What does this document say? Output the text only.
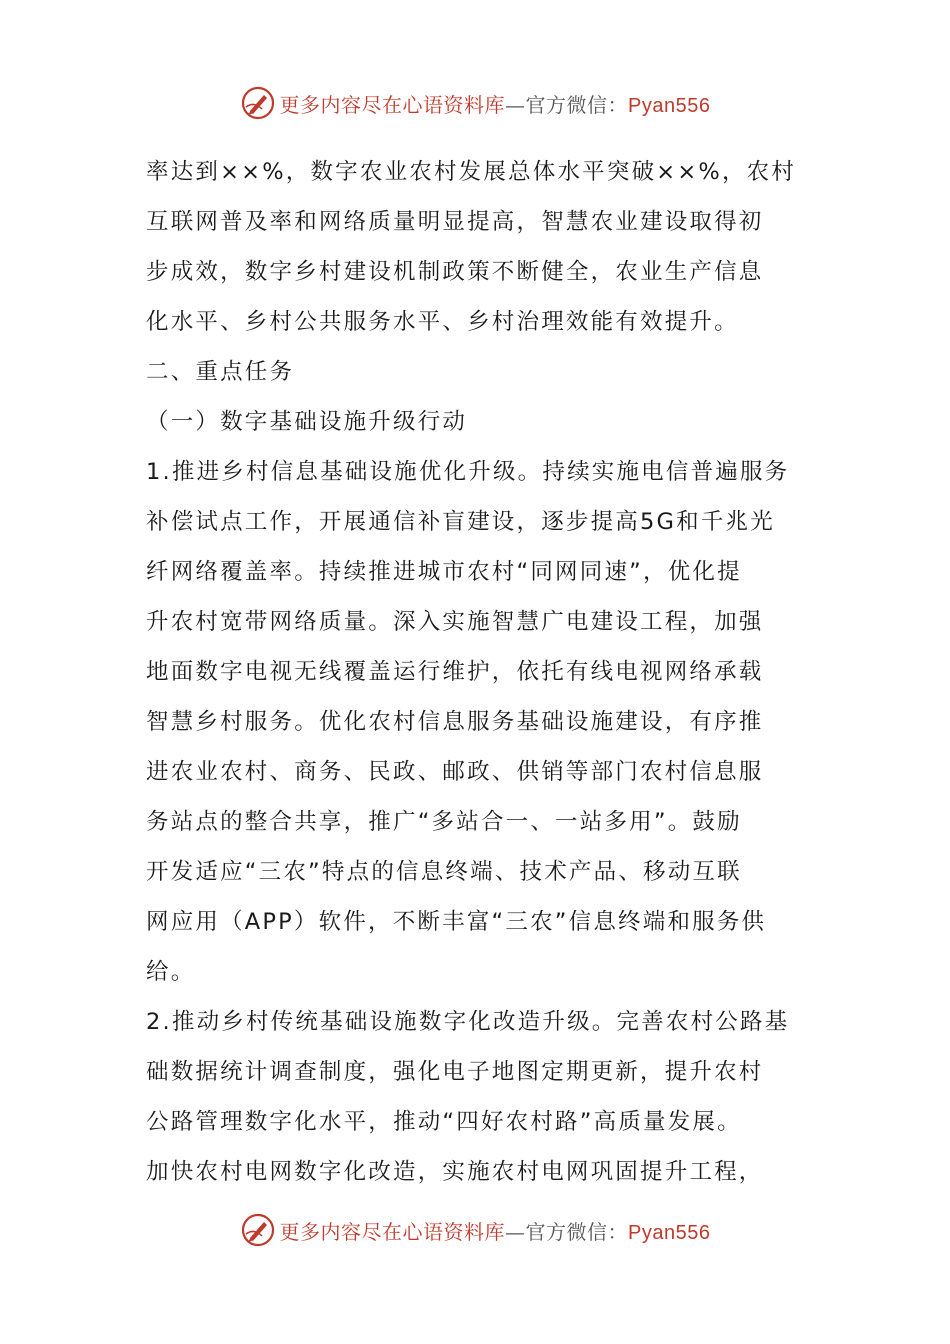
更多内容尽在心语资料库—官方微信：Pyan556
率达到××%，数字农业农村发展总体水平突破××%，农村
互联网普及率和网络质量明显提高，智慧农业建设取得初
步成效，数字乡村建设机制政策不断健全，农业生产信息
化水平、乡村公共服务水平、乡村治理效能有效提升。
二、重点任务
（一）数字基础设施升级行动
1.推进乡村信息基础设施优化升级。持续实施电信普遍服务
补偿试点工作，开展通信补盲建设，逐步提高5G和千兆光
纤网络覆盖率。持续推进城市农村“同网同速”，优化提
升农村宽带网络质量。深入实施智慧广电建设工程，加强
地面数字电视无线覆盖运行维护，依托有线电视网络承载
智慧乡村服务。优化农村信息服务基础设施建设，有序推
进农业农村、商务、民政、邮政、供销等部门农村信息服
务站点的整合共享，推广“多站合一、一站多用”。鼓励
开发适应“三农”特点的信息终端、技术产品、移动互联
网应用（APP）软件，不断丰富“三农”信息终端和服务供
给。
2.推动乡村传统基础设施数字化改造升级。完善农村公路基
础数据统计调查制度，强化电子地图定期更新，提升农村
公路管理数字化水平，推动“四好农村路”高质量发展。
加快农村电网数字化改造，实施农村电网巩固提升工程，
更多内容尽在心语资料库—官方微信：Pyan556
